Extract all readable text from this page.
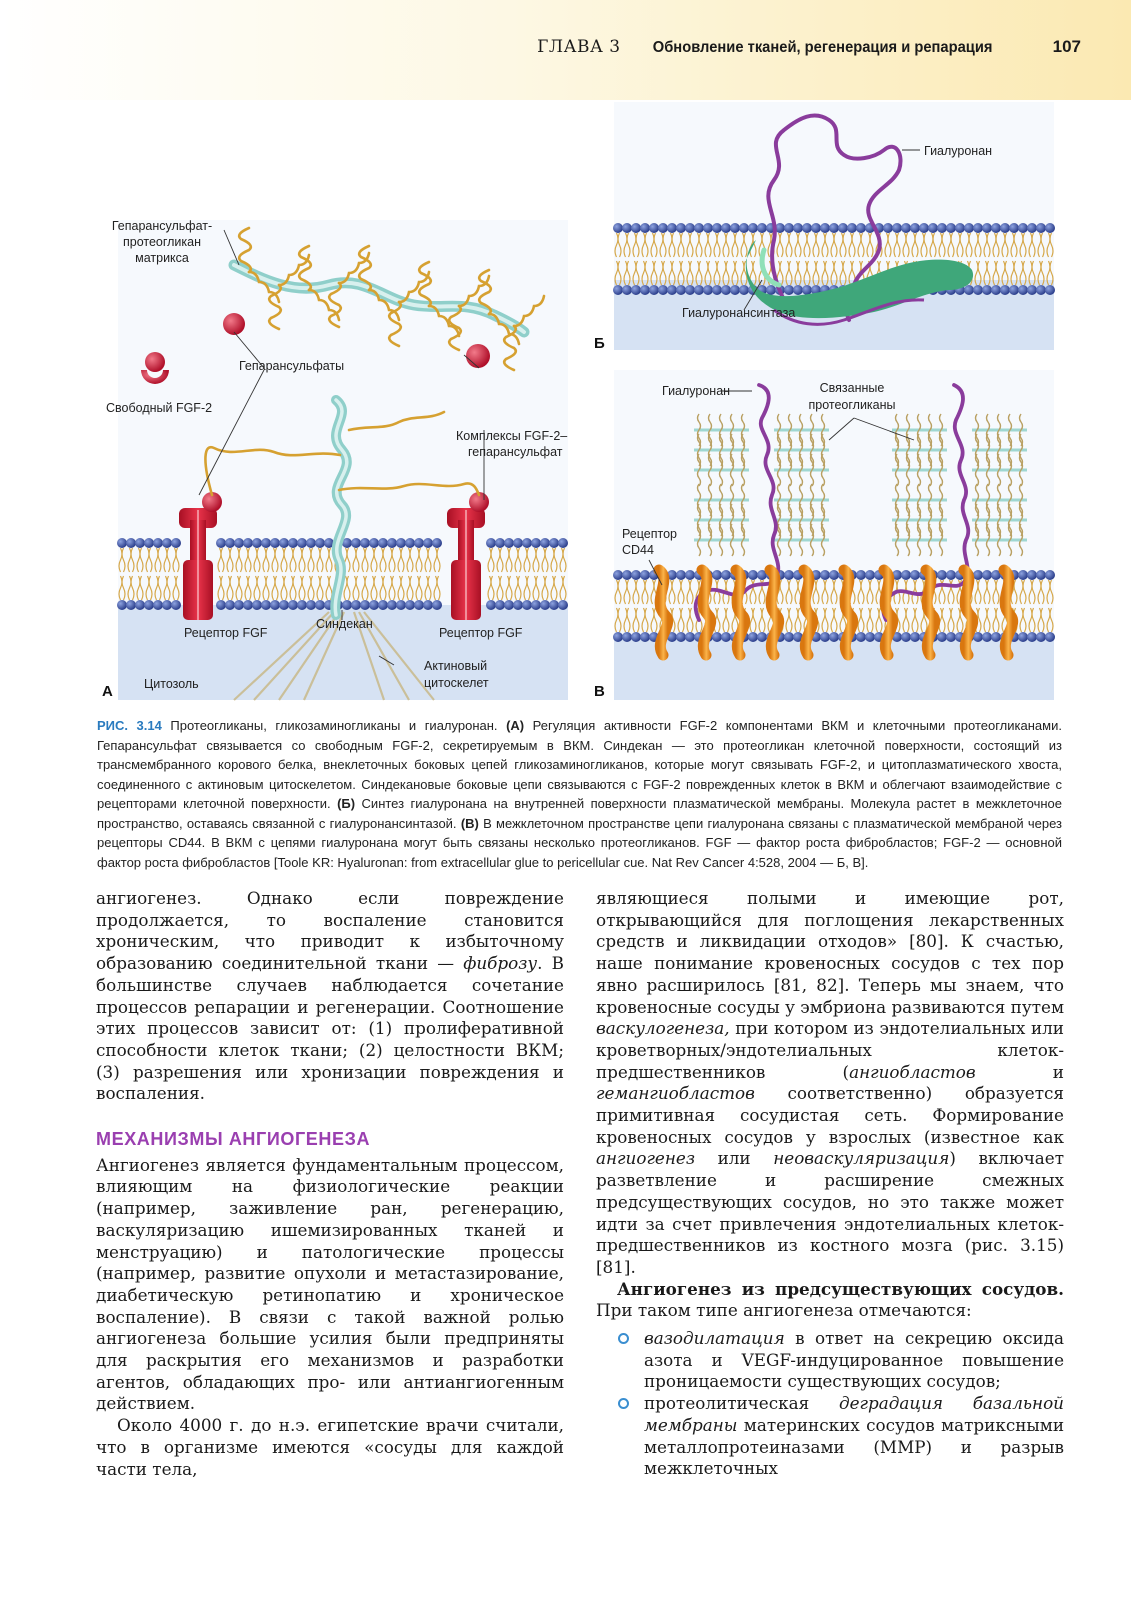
ГЛАВА 3 Обновление тканей, регенерация и репарация	107
Гепарансульфат-
протеогликан
матрикса
Гепарансульфаты
Свободный FGF-2
Комплексы FGF-2–
гепарансульфат
Рецептор FGF	Рецептор FGF
Синдекан
Актиновый
цитоскелет
Цитозоль
А
Гиалуронан
Гиалуронансинтаза
Б
Гиалуронан	Связанные
протеогликаны
Рецептор
CD44
В
РИС. 3.14 Протеогликаны, гликозаминогликаны и гиалуронан. (А) Регуляция активности FGF-2 компонентами ВКМ и клеточными протеогликанами. Гепарансульфат связывается со свободным FGF-2, секретируемым в ВКМ. Синдекан — это протеогликан клеточной поверхности, состоящий из трансмембранного корового белка, внеклеточных боковых цепей гликозаминогликанов, которые могут связывать FGF-2, и цитоплазматического хвоста, соединенного с актиновым цитоскелетом. Синдекановые боковые цепи связываются с FGF-2 поврежденных клеток в ВКМ и облегчают взаимодействие с рецепторами клеточной поверхности. (Б) Синтез гиалуронана на внутренней поверхности плазматической мембраны. Молекула растет в межклеточное пространство, оставаясь связанной с гиалуронансинтазой. (В) В межклеточном пространстве цепи гиалуронана связаны с плазматической мембраной через рецепторы CD44. В ВКМ с цепями гиалуронана могут быть связаны несколько протеогликанов. FGF — фактор роста фибробластов; FGF-2 — основной фактор роста фибробластов [Toole KR: Hyaluronan: from extracellular glue to pericellular cue. Nat Rev Cancer 4:528, 2004 — Б, В].

ангиогенез. Однако если повреждение продолжается, то воспаление становится хроническим, что приводит к избыточному образованию соединительной ткани — фиброзу. В большинстве случаев наблюдается сочетание процессов репарации и регенерации. Соотношение этих процессов зависит от: (1) пролиферативной способности клеток ткани; (2) целостности ВКМ; (3) разрешения или хронизации повреждения и воспаления.

МЕХАНИЗМЫ АНГИОГЕНЕЗА

Ангиогенез является фундаментальным процессом, влияющим на физиологические реакции (например, заживление ран, регенерацию, васкуляризацию ишемизированных тканей и менструацию) и патологические процессы (например, развитие опухоли и метастазирование, диабетическую ретинопатию и хроническое воспаление). В связи с такой важной ролью ангиогенеза большие усилия были предприняты для раскрытия его механизмов и разработки агентов, обладающих про- или антиангиогенным действием.

Около 4000 г. до н.э. египетские врачи считали, что в организме имеются «сосуды для каждой части тела,

являющиеся полыми и имеющие рот, открывающийся для поглощения лекарственных средств и ликвидации отходов» [80]. К счастью, наше понимание кровеносных сосудов с тех пор явно расширилось [81, 82]. Теперь мы знаем, что кровеносные сосуды у эмбриона развиваются путем васкулогенеза, при котором из эндотелиальных или кроветворных/эндотелиальных клеток-предшественников (ангиобластов и гемангиобластов соответственно) образуется примитивная сосудистая сеть. Формирование кровеносных сосудов у взрослых (известное как ангиогенез или неоваскуляризация) включает разветвление и расширение смежных предсуществующих сосудов, но это также может идти за счет привлечения эндотелиальных клеток-предшественников из костного мозга (рис. 3.15) [81].

Ангиогенез из предсуществующих сосудов. При таком типе ангиогенеза отмечаются:

вазодилатация в ответ на секрецию оксида азота и VEGF-индуцированное повышение проницаемости существующих сосудов;
протеолитическая деградация базальной мембраны материнских сосудов матриксными металлопротеиназами (ММР) и разрыв межклеточных
